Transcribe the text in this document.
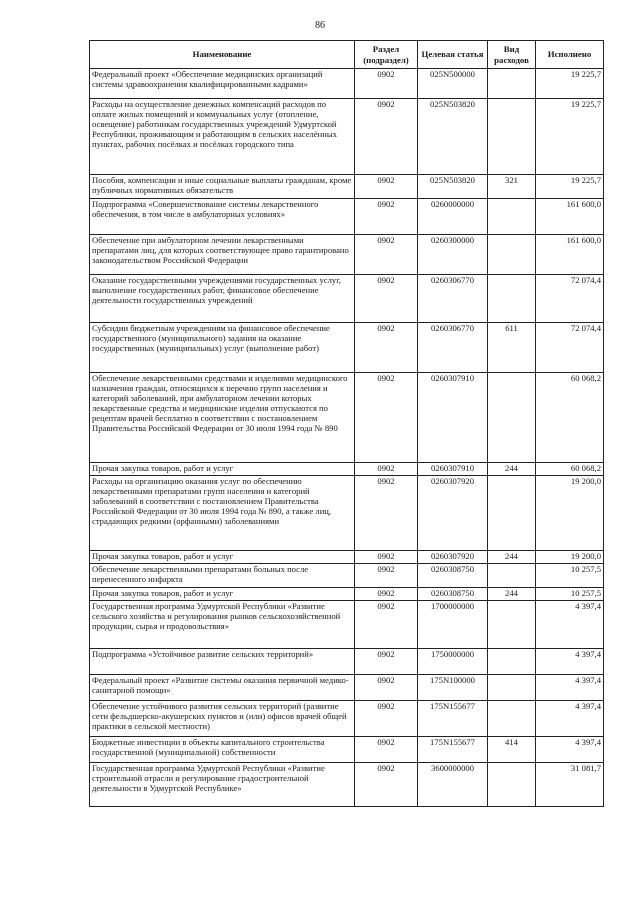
86
Наименование	Раздел (подраздел)	Целевая статья	Вид расходов	Исполнено
Федеральный проект «Обеспечение медицинских организаций системы здравоохранения квалифицированными кадрами»	0902	025N500000		19 225,7
Расходы на осуществление денежных компенсаций расходов по оплате жилых помещений и коммунальных услуг (отопление, освещение) работникам государственных учреждений Удмуртской Республики, проживающим и работающим в сельских населённых пунктах, рабочих посёлках и посёлках городского типа	0902	025N503820		19 225,7
Пособия, компенсации и иные социальные выплаты гражданам, кроме публичных нормативных обязательств	0902	025N503820	321	19 225,7
Подпрограмма «Совершенствование системы лекарственного обеспечения, в том числе в амбулаторных условиях»	0902	0260000000		161 600,0
Обеспечение при амбулаторном лечении лекарственными препаратами лиц, для которых соответствующее право гарантировано законодательством Российской Федерации	0902	0260300000		161 600,0
Оказание государственными учреждениями государственных услуг, выполнение государственных работ, финансовое обеспечение деятельности государственных учреждений	0902	0260306770		72 074,4
Субсидии бюджетным учреждениям на финансовое обеспечение государственного (муниципального) задания на оказание государственных (муниципальных) услуг (выполнение работ)	0902	0260306770	611	72 074,4
Обеспечение лекарственными средствами и изделиями медицинского назначения граждан, относящихся к перечню групп населения и категорий заболеваний, при амбулаторном лечении которых лекарственные средства и медицинские изделия отпускаются по рецептам врачей бесплатно в соответствии с постановлением Правительства Российской Федерации от 30 июля 1994 года № 890	0902	0260307910		60 068,2
Прочая закупка товаров, работ и услуг	0902	0260307910	244	60 068,2
Расходы на организацию оказания услуг по обеспечению лекарственными препаратами групп населения и категорий заболеваний в соответствии с постановлением Правительства Российской Федерации от 30 июля 1994 года № 890, а также лиц, страдающих редкими (орфанными) заболеваниями	0902	0260307920		19 200,0
Прочая закупка товаров, работ и услуг	0902	0260307920	244	19 200,0
Обеспечение лекарственными препаратами больных после перенесенного инфаркта	0902	0260308750		10 257,5
Прочая закупка товаров, работ и услуг	0902	0260308750	244	10 257,5
Государственная программа Удмуртской Республики «Развитие сельского хозяйства и регулирования рынков сельскохозяйственной продукции, сырья и продовольствия»	0902	1700000000		4 397,4
Подпрограмма «Устойчивое развитие сельских территорий»	0902	1750000000		4 397,4
Федеральный проект «Развитие системы оказания первичной медико-санитарной помощи»	0902	175N100000		4 397,4
Обеспечение устойчивого развития сельских территорий (развитие сети фельдшерско-акушерских пунктов и (или) офисов врачей общей практики в сельской местности)	0902	175N155677		4 397,4
Бюджетные инвестиции в объекты капитального строительства государственной (муниципальной) собственности	0902	175N155677	414	4 397,4
Государственная программа Удмуртской Республики «Развитие строительной отрасли и регулирование градостроительной деятельности в Удмуртской Республике»	0902	3600000000		31 081,7
